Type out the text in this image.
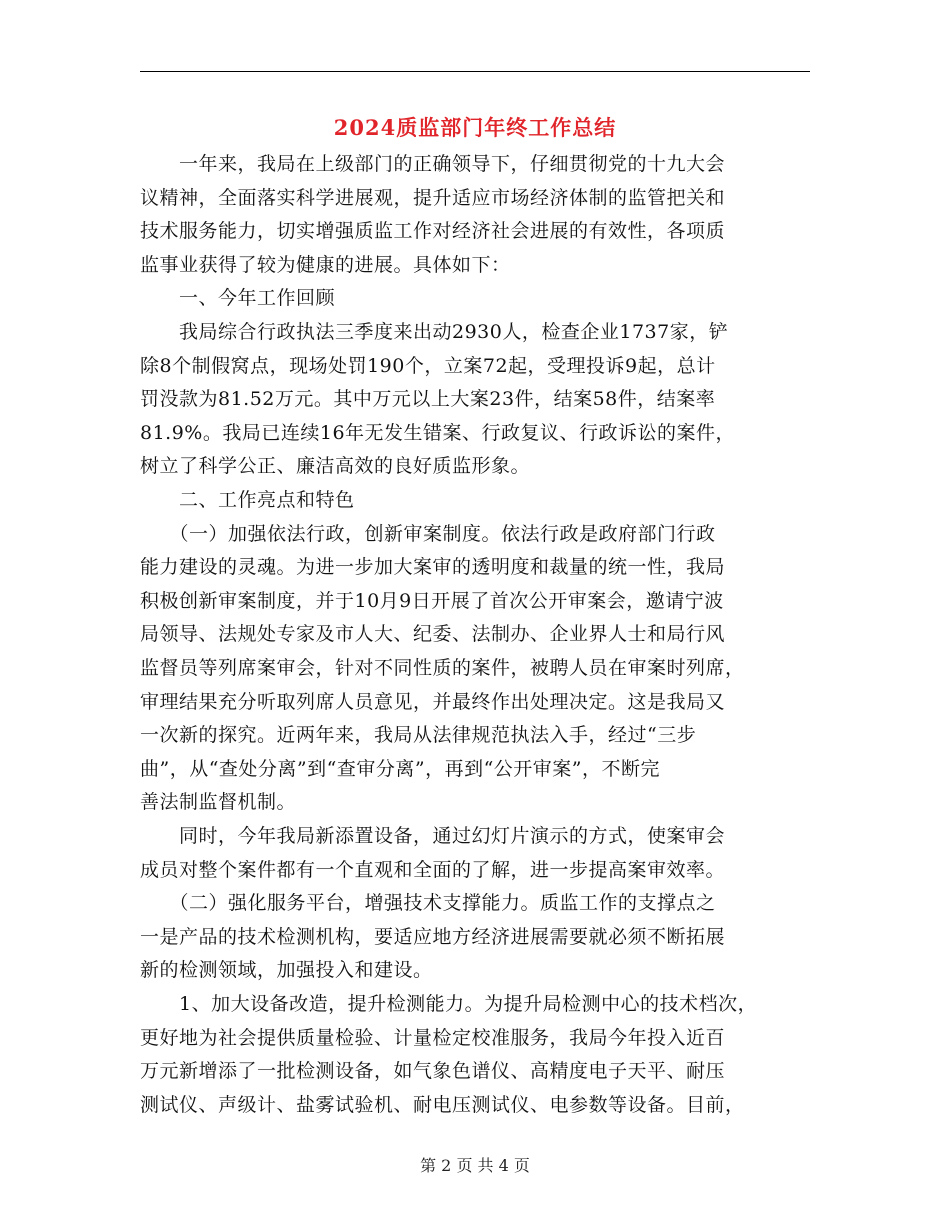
2024质监部门年终工作总结
　　一年来，我局在上级部门的正确领导下，仔细贯彻党的十九大会
议精神，全面落实科学进展观，提升适应市场经济体制的监管把关和
技术服务能力，切实增强质监工作对经济社会进展的有效性，各项质
监事业获得了较为健康的进展。具体如下：
　　一、今年工作回顾
　　我局综合行政执法三季度来出动2930人，检查企业1737家，铲
除8个制假窝点，现场处罚190个，立案72起，受理投诉9起，总计
罚没款为81.52万元。其中万元以上大案23件，结案58件，结案率
81.9%。我局已连续16年无发生错案、行政复议、行政诉讼的案件，
树立了科学公正、廉洁高效的良好质监形象。
　　二、工作亮点和特色
　　（一）加强依法行政，创新审案制度。依法行政是政府部门行政
能力建设的灵魂。为进一步加大案审的透明度和裁量的统一性，我局
积极创新审案制度，并于10月9日开展了首次公开审案会，邀请宁波
局领导、法规处专家及市人大、纪委、法制办、企业界人士和局行风
监督员等列席案审会，针对不同性质的案件，被聘人员在审案时列席，
审理结果充分听取列席人员意见，并最终作出处理决定。这是我局又
一次新的探究。近两年来，我局从法律规范执法入手，经过“三步
曲”，从“查处分离”到“查审分离”，再到“公开审案”，不断完
善法制监督机制。
　　同时，今年我局新添置设备，通过幻灯片演示的方式，使案审会
成员对整个案件都有一个直观和全面的了解，进一步提高案审效率。
　　（二）强化服务平台，增强技术支撑能力。质监工作的支撑点之
一是产品的技术检测机构，要适应地方经济进展需要就必须不断拓展
新的检测领域，加强投入和建设。
　　1、加大设备改造，提升检测能力。为提升局检测中心的技术档次，
更好地为社会提供质量检验、计量检定校准服务，我局今年投入近百
万元新增添了一批检测设备，如气象色谱仪、高精度电子天平、耐压
测试仪、声级计、盐雾试验机、耐电压测试仪、电参数等设备。目前，
第 2 页 共 4 页
